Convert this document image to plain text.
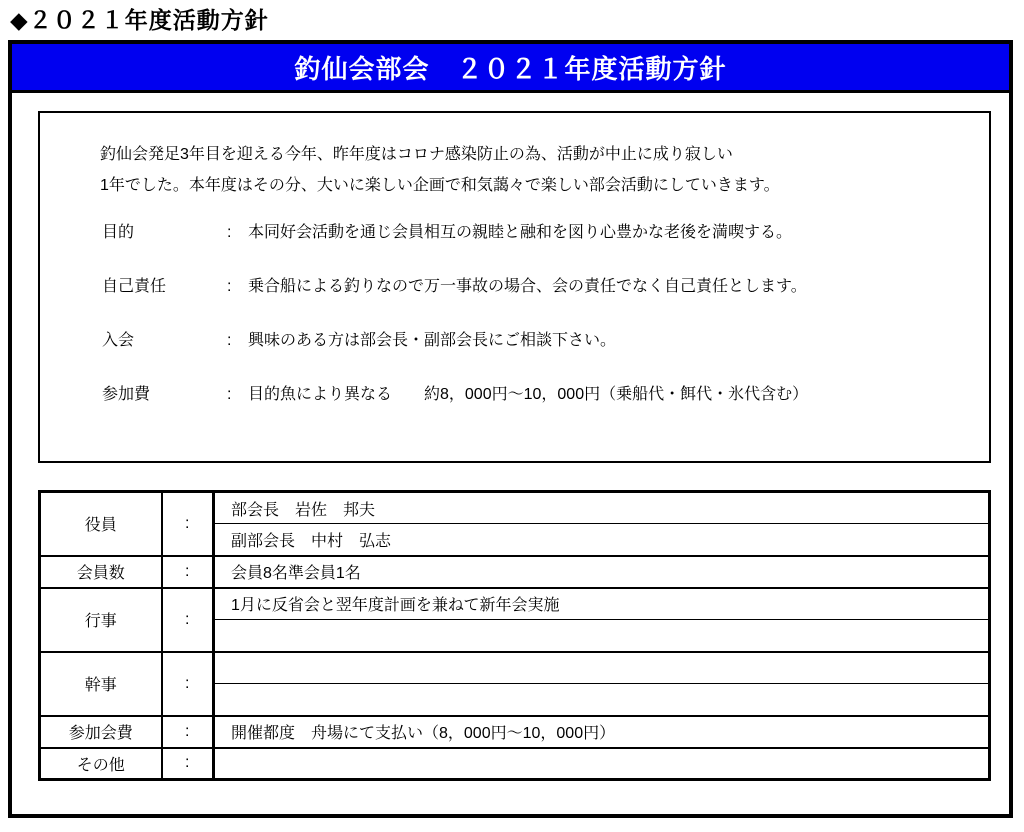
◆２０２１年度活動方針
釣仙会部会　２０２１年度活動方針
釣仙会発足3年目を迎える今年、昨年度はコロナ感染防止の為、活動が中止に成り寂しい
1年でした。本年度はその分、大いに楽しい企画で和気藹々で楽しい部会活動にしていきます。
目的	:	本同好会活動を通じ会員相互の親睦と融和を図り心豊かな老後を満喫する。
自己責任	:	乗合船による釣りなので万一事故の場合、会の責任でなく自己責任とします。
入会	:	興味のある方は部会長・副部会長にご相談下さい。
参加費	:	目的魚により異なる　　約8，000円～10，000円（乗船代・餌代・氷代含む）
役員	:	部会長　岩佐　邦夫
		副部会長　中村　弘志
会員数	:	会員8名準会員1名
行事	:	1月に反省会と翌年度計画を兼ねて新年会実施

幹事	:	

参加会費	:	開催都度　舟場にて支払い（8，000円～10，000円）
その他	:	
